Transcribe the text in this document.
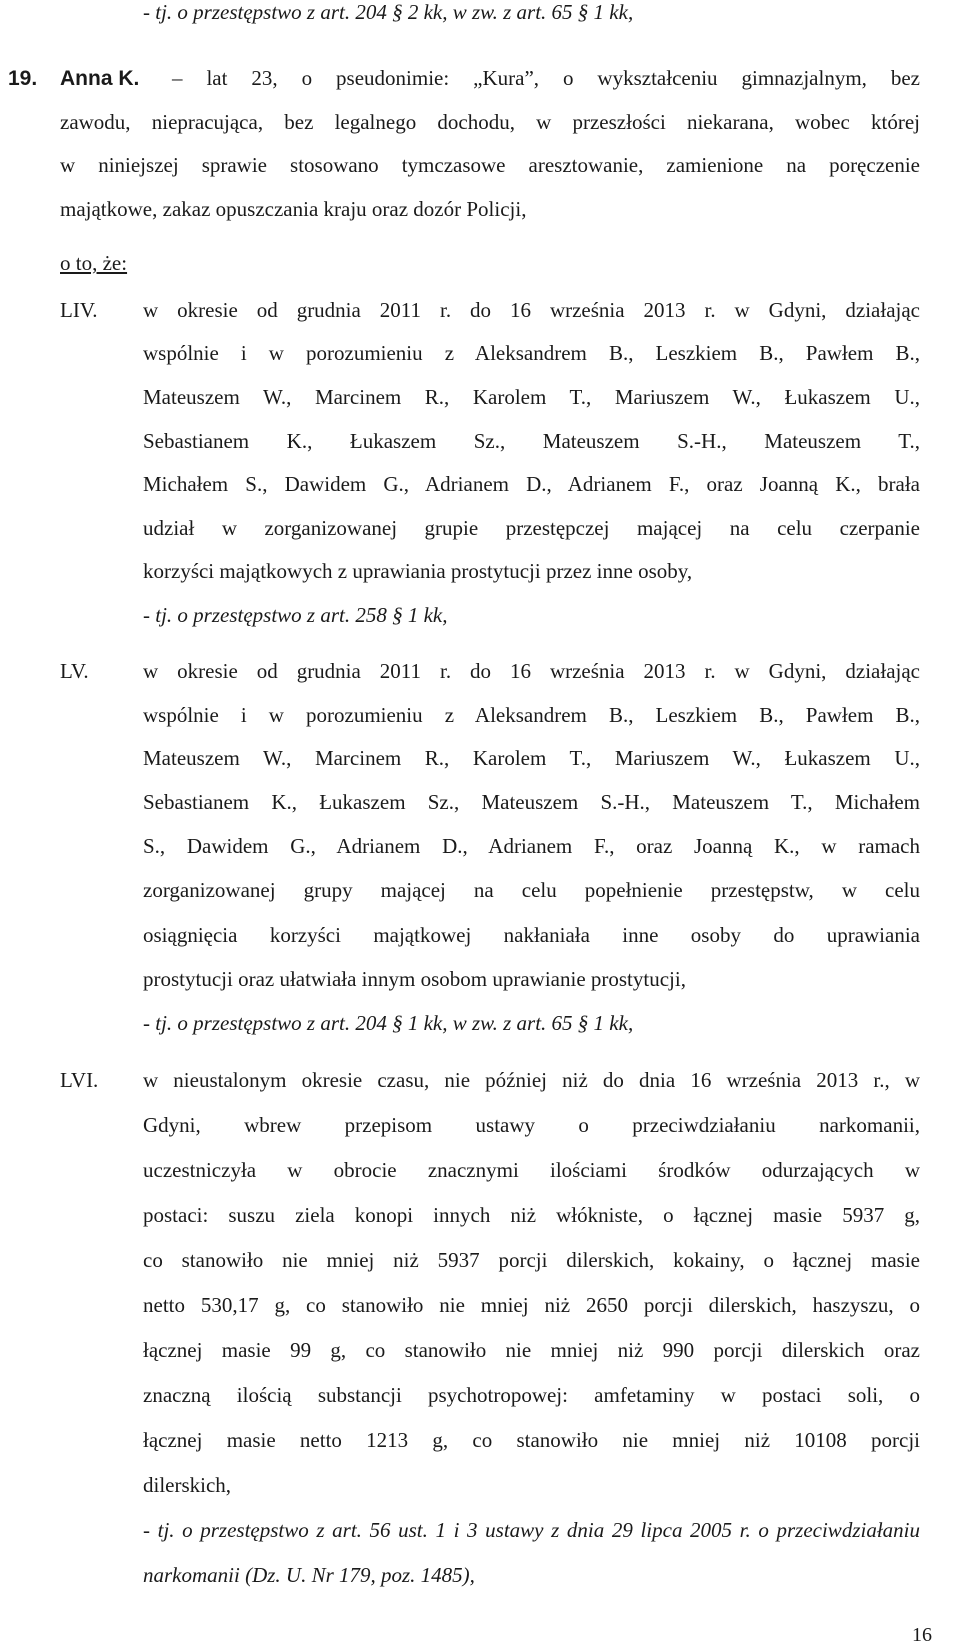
- tj. o przestępstwo z art. 204 § 2 kk, w zw. z art. 65 § 1 kk,
19. Anna K. – lat 23, o pseudonimie: „Kura”, o wykształceniu gimnazjalnym, bez
zawodu, niepracująca, bez legalnego dochodu, w przeszłości niekarana, wobec której
w niniejszej sprawie stosowano tymczasowe aresztowanie, zamienione na poręczenie
majątkowe, zakaz opuszczania kraju oraz dozór Policji,
o to, że:
LIV. w okresie od grudnia 2011 r. do 16 września 2013 r. w Gdyni, działając
wspólnie i w porozumieniu z Aleksandrem B., Leszkiem B., Pawłem B.,
Mateuszem W., Marcinem R., Karolem T., Mariuszem W., Łukaszem U.,
Sebastianem K., Łukaszem Sz., Mateuszem S.-H., Mateuszem T.,
Michałem S., Dawidem G., Adrianem D., Adrianem F., oraz Joanną K., brała
udział w zorganizowanej grupie przestępczej mającej na celu czerpanie
korzyści majątkowych z uprawiania prostytucji przez inne osoby,
- tj. o przestępstwo z art. 258 § 1 kk,
LV.	w okresie od grudnia 2011 r. do 16 września 2013 r. w Gdyni, działając
wspólnie i w porozumieniu z Aleksandrem B., Leszkiem B., Pawłem B.,
Mateuszem W., Marcinem R., Karolem T., Mariuszem W., Łukaszem U.,
Sebastianem K., Łukaszem Sz., Mateuszem S.-H., Mateuszem T., Michałem
S., Dawidem G., Adrianem D., Adrianem F., oraz Joanną K., w ramach
zorganizowanej grupy mającej na celu popełnienie przestępstw, w celu
osiągnięcia korzyści majątkowej nakłaniała inne osoby do uprawiania
prostytucji oraz ułatwiała innym osobom uprawianie prostytucji,
- tj. o przestępstwo z art. 204 § 1 kk, w zw. z art. 65 § 1 kk,
LVI. w nieustalonym okresie czasu, nie później niż do dnia 16 września 2013 r., w
Gdyni, wbrew przepisom ustawy o przeciwdziałaniu narkomanii,
uczestniczyła w obrocie znacznymi ilościami środków odurzających w
postaci: suszu ziela konopi innych niż włókniste, o łącznej masie 5937 g,
co stanowiło nie mniej niż 5937 porcji dilerskich, kokainy, o łącznej masie
netto 530,17 g, co stanowiło nie mniej niż 2650 porcji dilerskich, haszyszu, o
łącznej masie 99 g, co stanowiło nie mniej niż 990 porcji dilerskich oraz
znaczną ilością substancji psychotropowej: amfetaminy w postaci soli, o
łącznej masie netto 1213 g, co stanowiło nie mniej niż 10108 porcji
dilerskich,
- tj. o przestępstwo z art. 56 ust. 1 i 3 ustawy z dnia 29 lipca 2005 r. o przeciwdziałaniu
narkomanii (Dz. U. Nr 179, poz. 1485),
16
